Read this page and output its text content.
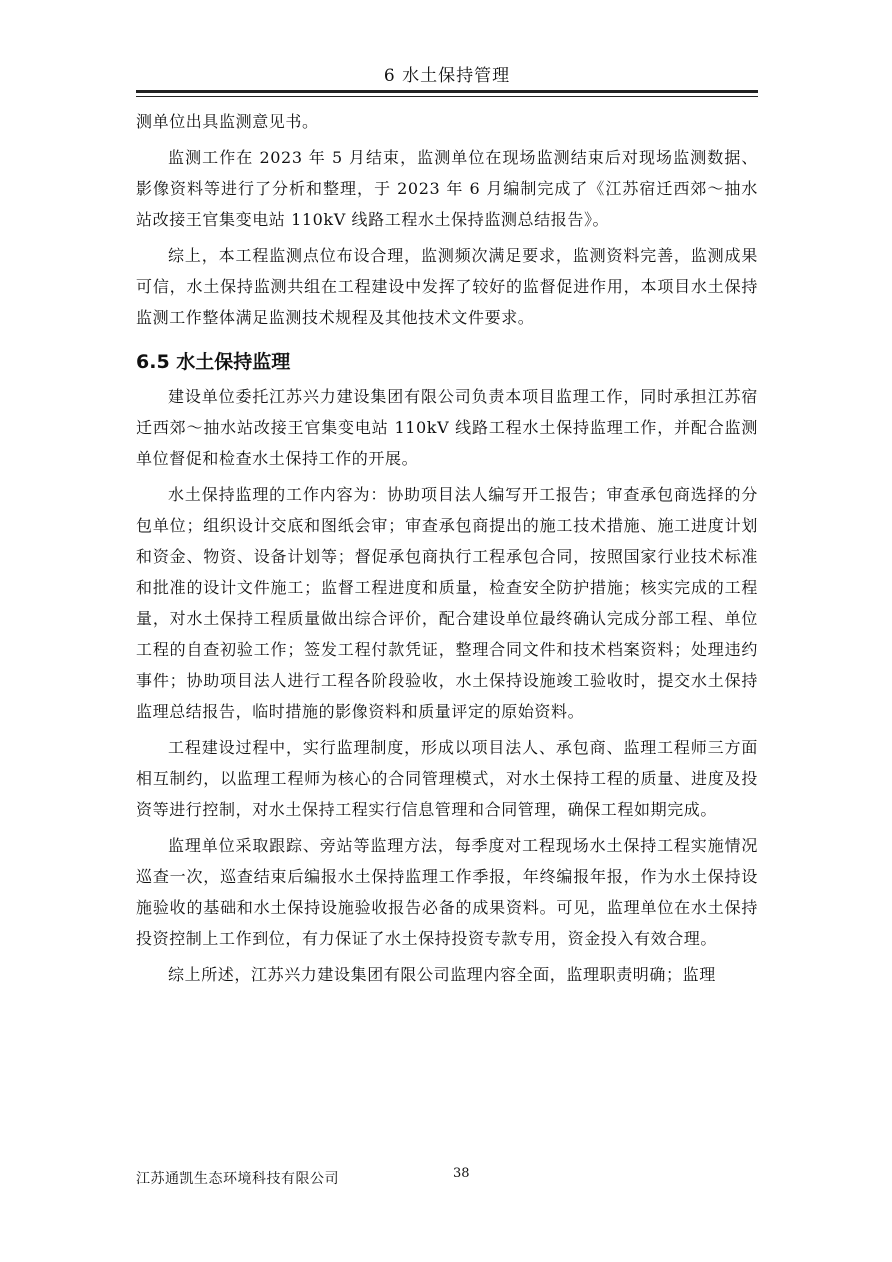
6 水土保持管理

测单位出具监测意见书。

监测工作在 2023 年 5 月结束，监测单位在现场监测结束后对现场监测数据、影像资料等进行了分析和整理，于 2023 年 6 月编制完成了《江苏宿迁西郊～抽水站改接王官集变电站 110kV 线路工程水土保持监测总结报告》。

综上，本工程监测点位布设合理，监测频次满足要求，监测资料完善，监测成果可信，水土保持监测共组在工程建设中发挥了较好的监督促进作用，本项目水土保持监测工作整体满足监测技术规程及其他技术文件要求。

6.5 水土保持监理

建设单位委托江苏兴力建设集团有限公司负责本项目监理工作，同时承担江苏宿迁西郊～抽水站改接王官集变电站 110kV 线路工程水土保持监理工作，并配合监测单位督促和检查水土保持工作的开展。

水土保持监理的工作内容为：协助项目法人编写开工报告；审查承包商选择的分包单位；组织设计交底和图纸会审；审查承包商提出的施工技术措施、施工进度计划和资金、物资、设备计划等；督促承包商执行工程承包合同，按照国家行业技术标准和批准的设计文件施工；监督工程进度和质量，检查安全防护措施；核实完成的工程量，对水土保持工程质量做出综合评价，配合建设单位最终确认完成分部工程、单位工程的自查初验工作；签发工程付款凭证，整理合同文件和技术档案资料；处理违约事件；协助项目法人进行工程各阶段验收，水土保持设施竣工验收时，提交水土保持监理总结报告，临时措施的影像资料和质量评定的原始资料。

工程建设过程中，实行监理制度，形成以项目法人、承包商、监理工程师三方面相互制约，以监理工程师为核心的合同管理模式，对水土保持工程的质量、进度及投资等进行控制，对水土保持工程实行信息管理和合同管理，确保工程如期完成。

监理单位采取跟踪、旁站等监理方法，每季度对工程现场水土保持工程实施情况巡查一次，巡查结束后编报水土保持监理工作季报，年终编报年报，作为水土保持设施验收的基础和水土保持设施验收报告必备的成果资料。可见，监理单位在水土保持投资控制上工作到位，有力保证了水土保持投资专款专用，资金投入有效合理。

综上所述，江苏兴力建设集团有限公司监理内容全面，监理职责明确；监理

江苏通凯生态环境科技有限公司	38
